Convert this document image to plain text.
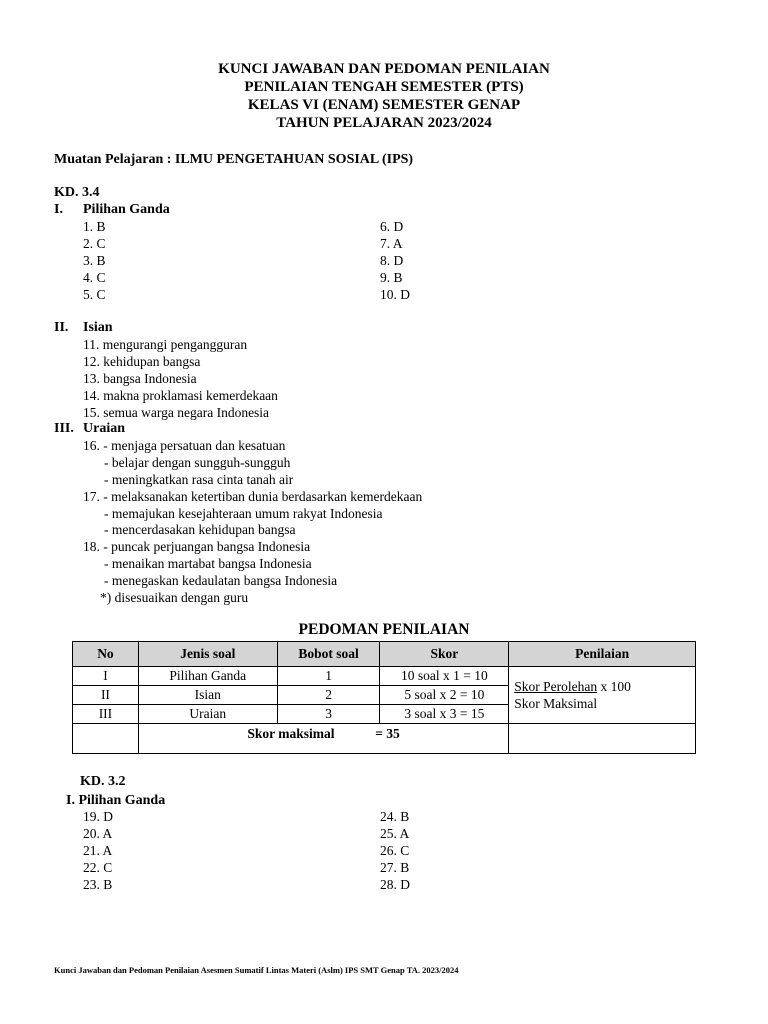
KUNCI JAWABAN DAN PEDOMAN PENILAIAN
PENILAIAN TENGAH SEMESTER (PTS)
KELAS VI (ENAM) SEMESTER GENAP
TAHUN PELAJARAN 2023/2024
Muatan Pelajaran : ILMU PENGETAHUAN SOSIAL (IPS)
KD. 3.4
I. Pilihan Ganda
1. B
2. C
3. B
4. C
5. C
6. D
7. A
8. D
9. B
10. D
II. Isian
11. mengurangi pengangguran
12. kehidupan bangsa
13. bangsa Indonesia
14. makna proklamasi kemerdekaan
15. semua warga negara Indonesia
III. Uraian
16. - menjaga persatuan dan kesatuan
- belajar dengan sungguh-sungguh
- meningkatkan rasa cinta tanah air
17. - melaksanakan ketertiban dunia berdasarkan kemerdekaan
- memajukan kesejahteraan umum rakyat Indonesia
- mencerdasakan kehidupan bangsa
18. - puncak perjuangan bangsa Indonesia
- menaikan martabat bangsa Indonesia
- menegaskan kedaulatan bangsa Indonesia
*) disesuaikan dengan guru
PEDOMAN PENILAIAN
No	Jenis soal	Bobot soal	Skor	Penilaian
I	Pilihan Ganda	1	10 soal x 1 = 10	Skor Perolehan x 100
Skor Maksimal
II	Isian	2	5 soal x 2 = 10	
III	Uraian	3	3 soal x 3 = 15	
	Skor maksimal = 35			
KD. 3.2
I. Pilihan Ganda
19. D
20. A
21. A
22. C
23. B
24. B
25. A
26. C
27. B
28. D
Kunci Jawaban dan Pedoman Penilaian Asesmen Sumatif Lintas Materi (Aslm) IPS SMT Genap TA. 2023/2024
